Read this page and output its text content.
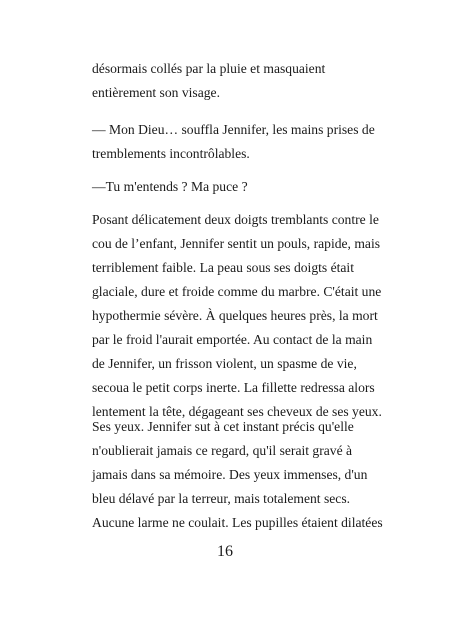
désormais collés par la pluie et masquaient
entièrement son visage.
— Mon Dieu… souffla Jennifer, les mains prises de
tremblements incontrôlables.
—Tu m'entends ? Ma puce ?
Posant délicatement deux doigts tremblants contre le
cou de l’enfant, Jennifer sentit un pouls, rapide, mais
terriblement faible. La peau sous ses doigts était
glaciale, dure et froide comme du marbre. C'était une
hypothermie sévère. À quelques heures près, la mort
par le froid l'aurait emportée. Au contact de la main
de Jennifer, un frisson violent, un spasme de vie,
secoua le petit corps inerte. La fillette redressa alors
lentement la tête, dégageant ses cheveux de ses yeux.
Ses yeux. Jennifer sut à cet instant précis qu'elle
n'oublierait jamais ce regard, qu'il serait gravé à
jamais dans sa mémoire. Des yeux immenses, d'un
bleu délavé par la terreur, mais totalement secs.
Aucune larme ne coulait. Les pupilles étaient dilatées
16
